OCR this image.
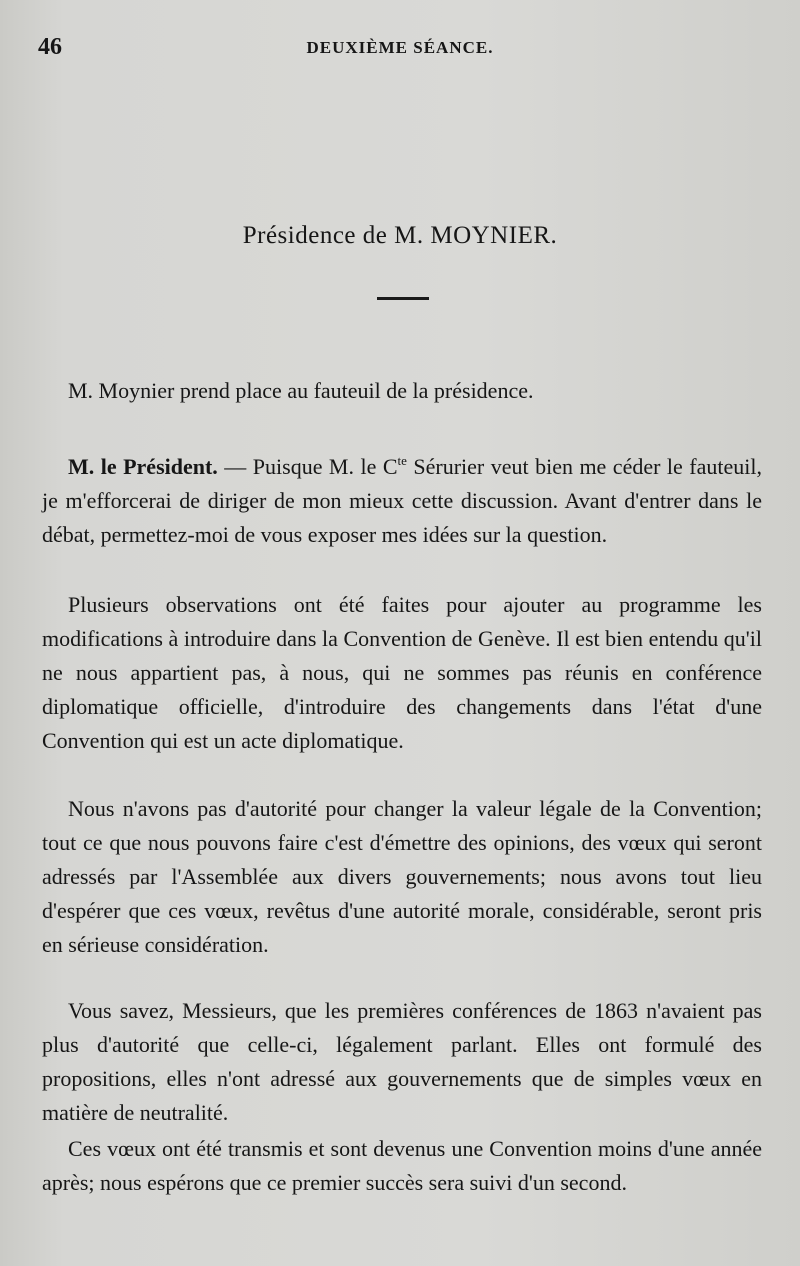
46	DEUXIÈME SÉANCE.
Présidence de M. MOYNIER.

M. Moynier prend place au fauteuil de la présidence.

M. le Président. — Puisque M. le $C^{te}$ Sérurier veut bien me céder le fauteuil, je m'efforcerai de diriger de mon mieux cette discussion. Avant d'entrer dans le débat, permettez-moi de vous exposer mes idées sur la question.

Plusieurs observations ont été faites pour ajouter au programme les modifications à introduire dans la Convention de Genève. Il est bien entendu qu'il ne nous appartient pas, à nous, qui ne sommes pas réunis en conférence diplomatique officielle, d'introduire des changements dans l'état d'une Convention qui est un acte diplomatique.

Nous n'avons pas d'autorité pour changer la valeur légale de la Convention; tout ce que nous pouvons faire c'est d'émettre des opinions, des vœux qui seront adressés par l'Assemblée aux divers gouvernements; nous avons tout lieu d'espérer que ces vœux, revêtus d'une autorité morale, considérable, seront pris en sérieuse considération.

Vous savez, Messieurs, que les premières conférences de 1863 n'avaient pas plus d'autorité que celle-ci, légalement parlant. Elles ont formulé des propositions, elles n'ont adressé aux gouvernements que de simples vœux en matière de neutralité.

Ces vœux ont été transmis et sont devenus une Convention moins d'une année après; nous espérons que ce premier succès sera suivi d'un second.
